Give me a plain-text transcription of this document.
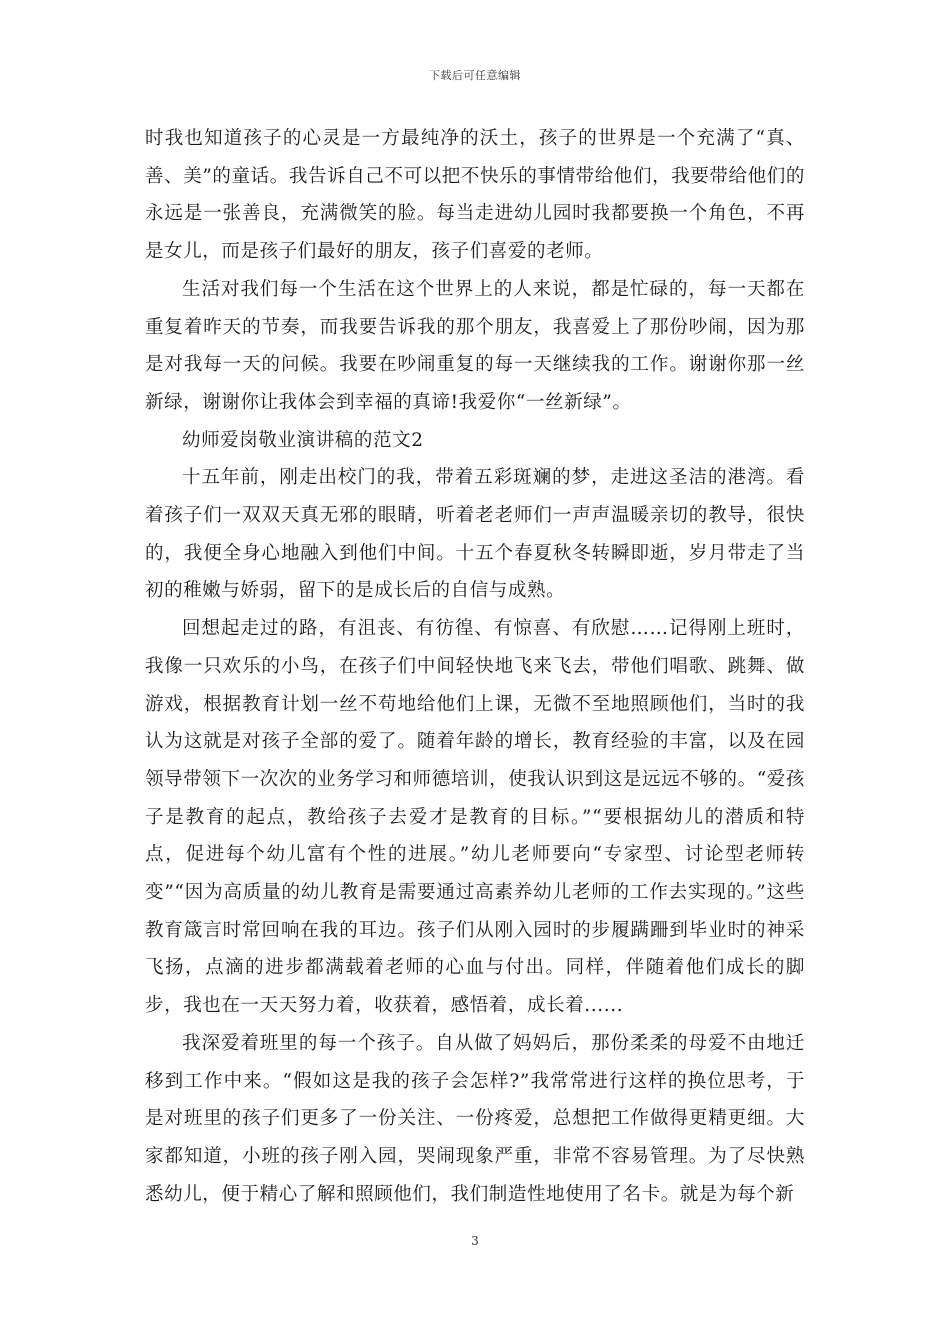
下载后可任意编辑

时我也知道孩子的心灵是一方最纯净的沃土，孩子的世界是一个充满了“真、善、美”的童话。我告诉自己不可以把不快乐的事情带给他们，我要带给他们的永远是一张善良，充满微笑的脸。每当走进幼儿园时我都要换一个角色，不再是女儿，而是孩子们最好的朋友，孩子们喜爱的老师。

生活对我们每一个生活在这个世界上的人来说，都是忙碌的，每一天都在重复着昨天的节奏，而我要告诉我的那个朋友，我喜爱上了那份吵闹，因为那是对我每一天的问候。我要在吵闹重复的每一天继续我的工作。谢谢你那一丝新绿，谢谢你让我体会到幸福的真谛!我爱你“一丝新绿”。

幼师爱岗敬业演讲稿的范文2

十五年前，刚走出校门的我，带着五彩斑斓的梦，走进这圣洁的港湾。看着孩子们一双双天真无邪的眼睛，听着老老师们一声声温暖亲切的教导，很快的，我便全身心地融入到他们中间。十五个春夏秋冬转瞬即逝，岁月带走了当初的稚嫩与娇弱，留下的是成长后的自信与成熟。

回想起走过的路，有沮丧、有彷徨、有惊喜、有欣慰……记得刚上班时，我像一只欢乐的小鸟，在孩子们中间轻快地飞来飞去，带他们唱歌、跳舞、做游戏，根据教育计划一丝不苟地给他们上课，无微不至地照顾他们，当时的我认为这就是对孩子全部的爱了。随着年龄的增长，教育经验的丰富，以及在园领导带领下一次次的业务学习和师德培训，使我认识到这是远远不够的。“爱孩子是教育的起点，教给孩子去爱才是教育的目标。”“要根据幼儿的潜质和特点，促进每个幼儿富有个性的进展。”幼儿老师要向“专家型、讨论型老师转变”“因为高质量的幼儿教育是需要通过高素养幼儿老师的工作去实现的。”这些教育箴言时常回响在我的耳边。孩子们从刚入园时的步履蹒跚到毕业时的神采飞扬，点滴的进步都满载着老师的心血与付出。同样，伴随着他们成长的脚步，我也在一天天努力着，收获着，感悟着，成长着......

我深爱着班里的每一个孩子。自从做了妈妈后，那份柔柔的母爱不由地迁移到工作中来。“假如这是我的孩子会怎样?”我常常进行这样的换位思考，于是对班里的孩子们更多了一份关注、一份疼爱，总想把工作做得更精更细。大家都知道，小班的孩子刚入园，哭闹现象严重，非常不容易管理。为了尽快熟悉幼儿，便于精心了解和照顾他们，我们制造性地使用了名卡。就是为每个新

3
